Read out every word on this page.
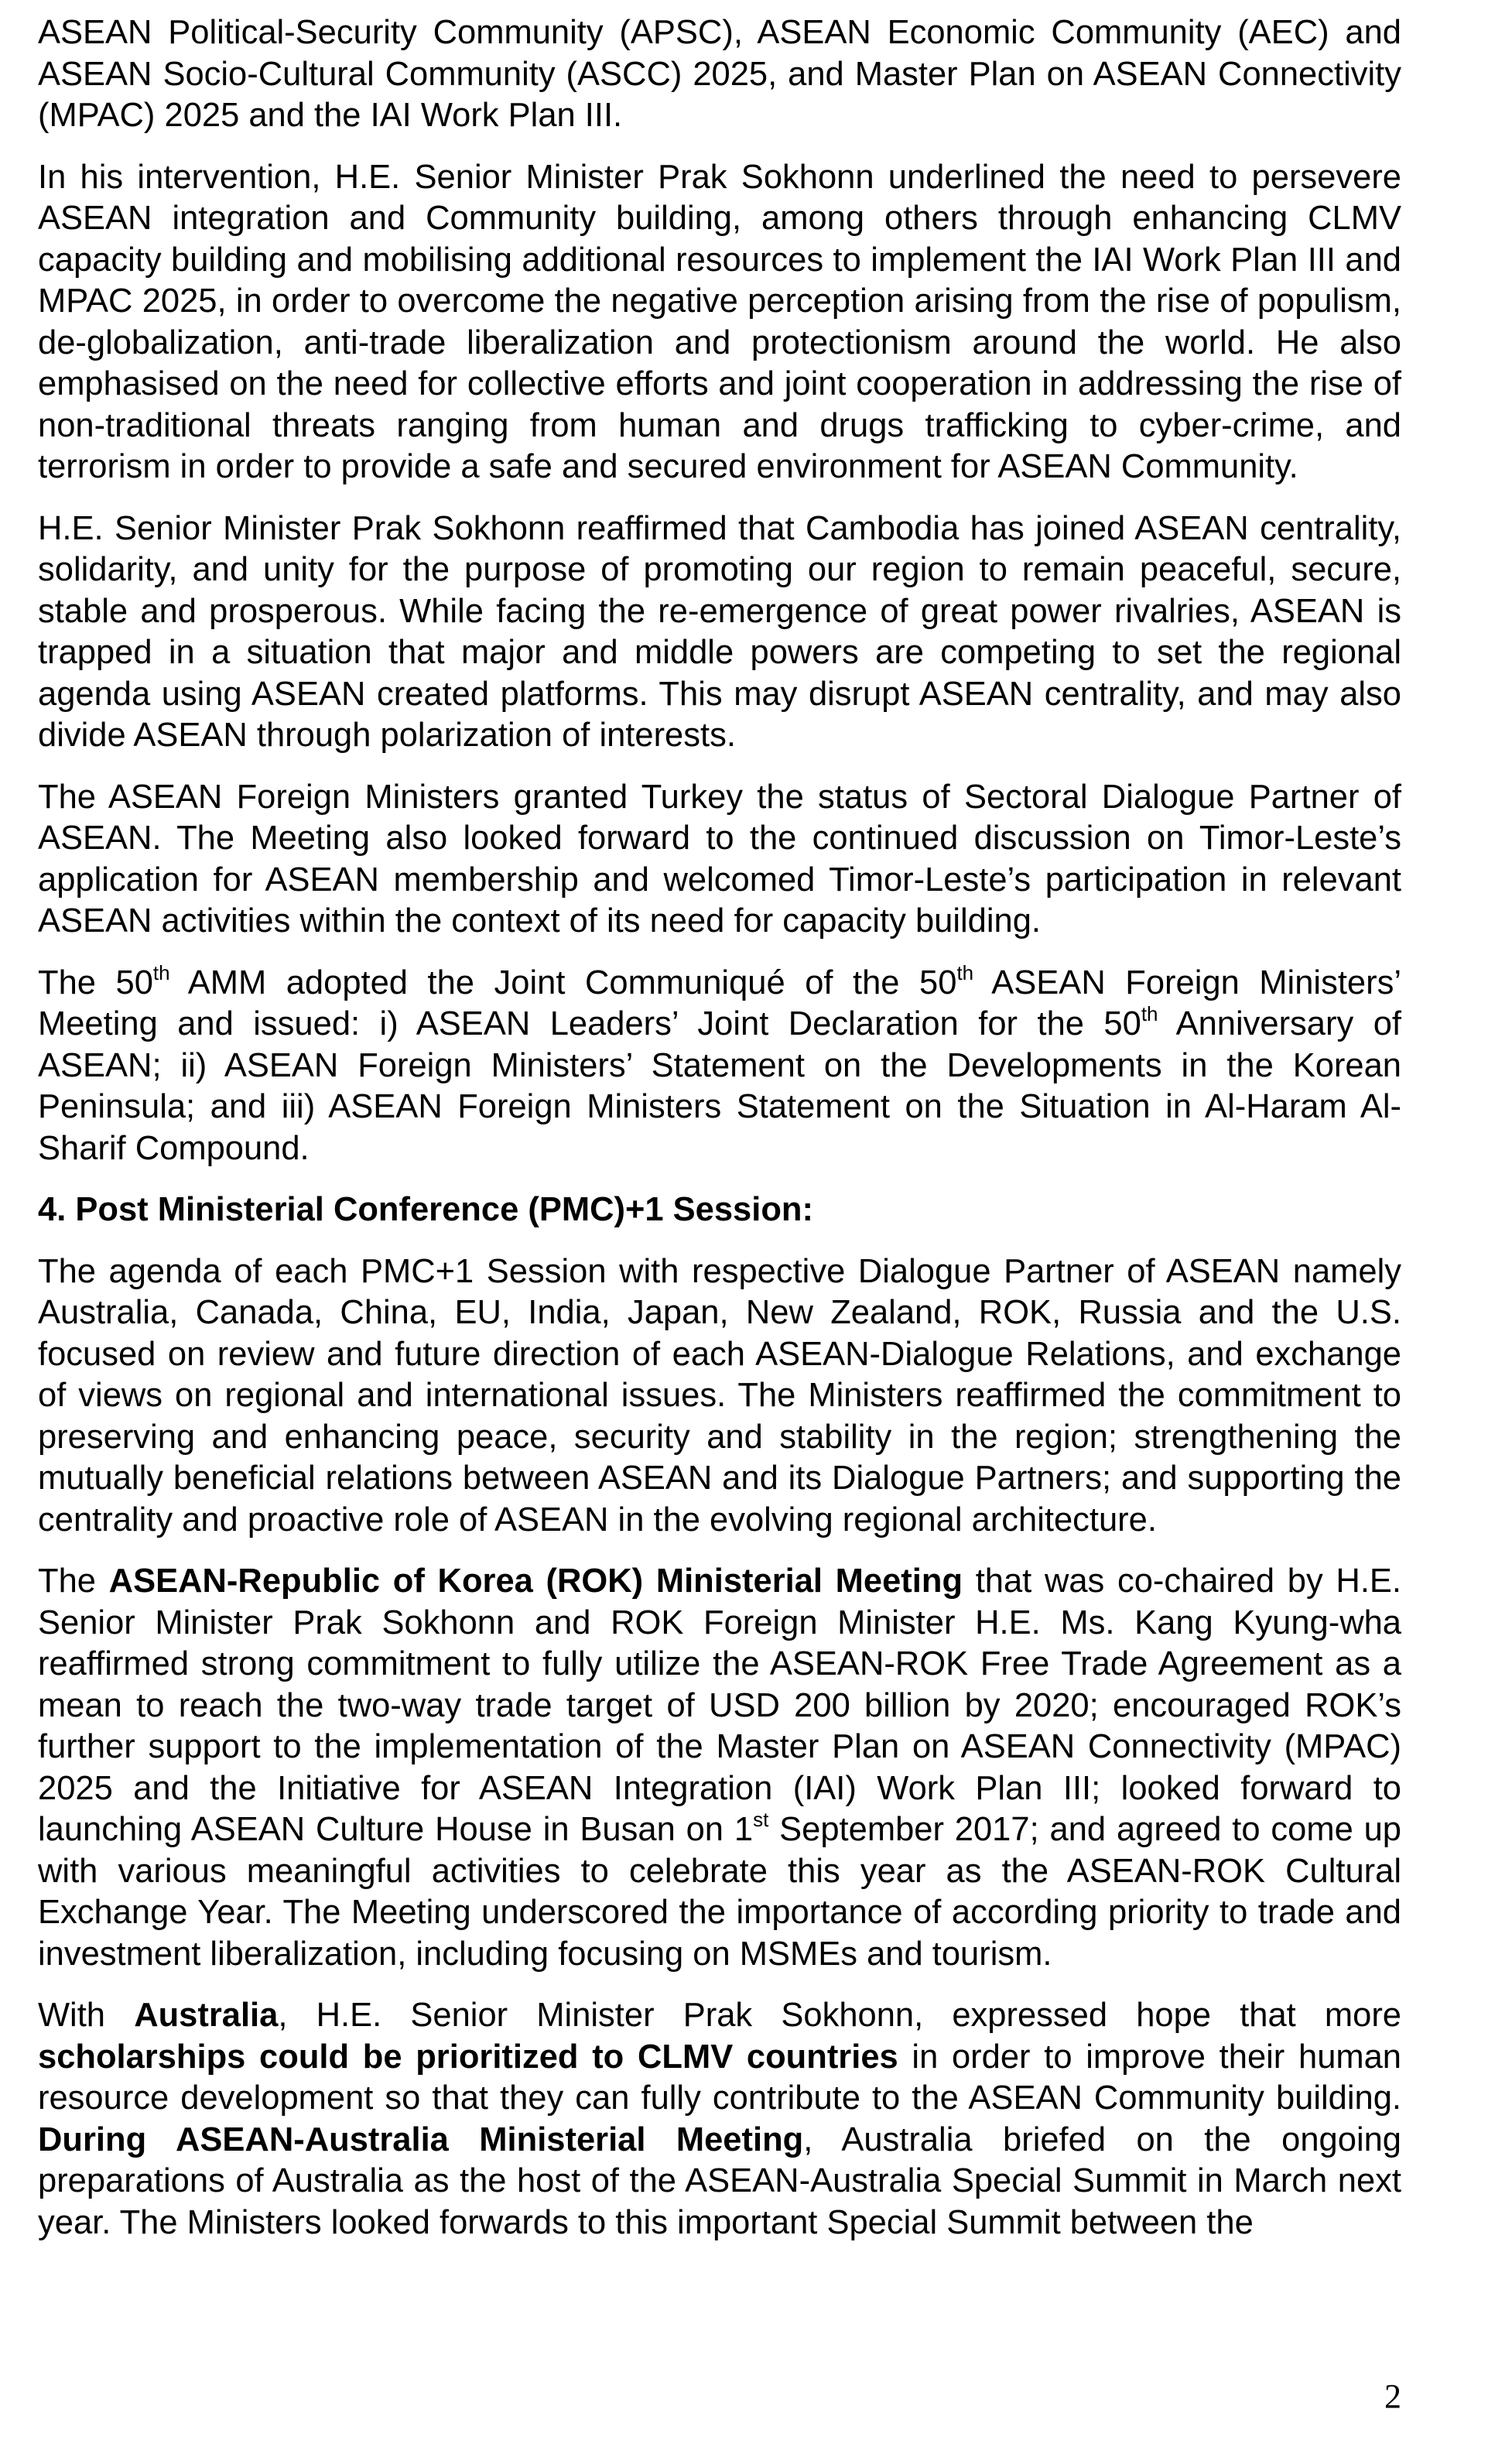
ASEAN Political-Security Community (APSC), ASEAN Economic Community (AEC) and ASEAN Socio-Cultural Community (ASCC) 2025, and Master Plan on ASEAN Connectivity (MPAC) 2025 and the IAI Work Plan III.

In his intervention, H.E. Senior Minister Prak Sokhonn underlined the need to persevere ASEAN integration and Community building, among others through enhancing CLMV capacity building and mobilising additional resources to implement the IAI Work Plan III and MPAC 2025, in order to overcome the negative perception arising from the rise of populism, de-globalization, anti-trade liberalization and protectionism around the world. He also emphasised on the need for collective efforts and joint cooperation in addressing the rise of non-traditional threats ranging from human and drugs trafficking to cyber-crime, and terrorism in order to provide a safe and secured environment for ASEAN Community.

H.E. Senior Minister Prak Sokhonn reaffirmed that Cambodia has joined ASEAN centrality, solidarity, and unity for the purpose of promoting our region to remain peaceful, secure, stable and prosperous. While facing the re-emergence of great power rivalries, ASEAN is trapped in a situation that major and middle powers are competing to set the regional agenda using ASEAN created platforms. This may disrupt ASEAN centrality, and may also divide ASEAN through polarization of interests.

The ASEAN Foreign Ministers granted Turkey the status of Sectoral Dialogue Partner of ASEAN. The Meeting also looked forward to the continued discussion on Timor-Leste’s application for ASEAN membership and welcomed Timor-Leste’s participation in relevant ASEAN activities within the context of its need for capacity building.

The 50th AMM adopted the Joint Communiqué of the 50th ASEAN Foreign Ministers’ Meeting and issued: i) ASEAN Leaders’ Joint Declaration for the 50th Anniversary of ASEAN; ii) ASEAN Foreign Ministers’ Statement on the Developments in the Korean Peninsula; and iii) ASEAN Foreign Ministers Statement on the Situation in Al-Haram Al-Sharif Compound.

4. Post Ministerial Conference (PMC)+1 Session:

The agenda of each PMC+1 Session with respective Dialogue Partner of ASEAN namely Australia, Canada, China, EU, India, Japan, New Zealand, ROK, Russia and the U.S. focused on review and future direction of each ASEAN-Dialogue Relations, and exchange of views on regional and international issues. The Ministers reaffirmed the commitment to preserving and enhancing peace, security and stability in the region; strengthening the mutually beneficial relations between ASEAN and its Dialogue Partners; and supporting the centrality and proactive role of ASEAN in the evolving regional architecture.

The ASEAN-Republic of Korea (ROK) Ministerial Meeting that was co-chaired by H.E. Senior Minister Prak Sokhonn and ROK Foreign Minister H.E. Ms. Kang Kyung-wha reaffirmed strong commitment to fully utilize the ASEAN-ROK Free Trade Agreement as a mean to reach the two-way trade target of USD 200 billion by 2020; encouraged ROK’s further support to the implementation of the Master Plan on ASEAN Connectivity (MPAC) 2025 and the Initiative for ASEAN Integration (IAI) Work Plan III; looked forward to launching ASEAN Culture House in Busan on 1st September 2017; and agreed to come up with various meaningful activities to celebrate this year as the ASEAN-ROK Cultural Exchange Year. The Meeting underscored the importance of according priority to trade and investment liberalization, including focusing on MSMEs and tourism.

With Australia, H.E. Senior Minister Prak Sokhonn, expressed hope that more scholarships could be prioritized to CLMV countries in order to improve their human resource development so that they can fully contribute to the ASEAN Community building. During ASEAN-Australia Ministerial Meeting, Australia briefed on the ongoing preparations of Australia as the host of the ASEAN-Australia Special Summit in March next year. The Ministers looked forwards to this important Special Summit between the

2
